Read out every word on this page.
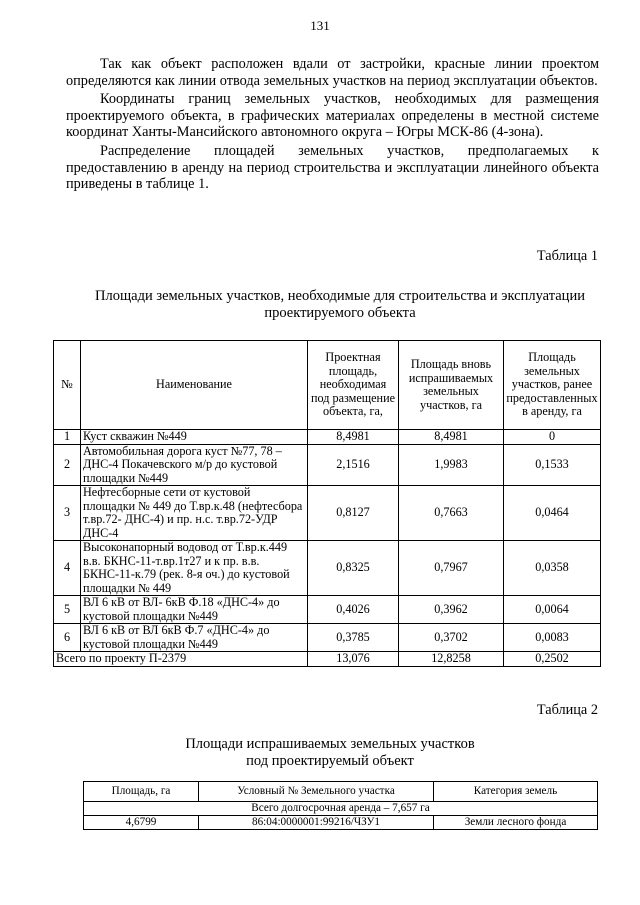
131

Так как объект расположен вдали от застройки, красные линии проектом определяются как линии отвода земельных участков на период эксплуатации объектов.

Координаты границ земельных участков, необходимых для размещения проектируемого объекта, в графических материалах определены в местной системе координат Ханты-Мансийского автономного округа – Югры МСК-86 (4-зона).

Распределение площадей земельных участков, предполагаемых к предоставлению в аренду на период строительства и эксплуатации линейного объекта приведены в таблице 1.

Таблица 1
Площади земельных участков, необходимые для строительства и эксплуатации проектируемого объекта
№	Наименование	Проектная площадь, необходимая под размещение объекта, га,	Площадь вновь испрашиваемых земельных участков, га	Площадь земельных участков, ранее предоставленных в аренду, га
1	Куст скважин №449	8,4981	8,4981	0
2	Автомобильная дорога куст №77, 78 – ДНС-4 Покачевского м/р до кустовой площадки №449	2,1516	1,9983	0,1533
3	Нефтесборные сети от кустовой площадки № 449 до Т.вр.к.48 (нефтесбора т.вр.72- ДНС-4) и пр. н.с. т.вр.72-УДР ДНС-4	0,8127	0,7663	0,0464
4	Высоконапорный водовод от Т.вр.к.449 в.в. БКНС-11-т.вр.1т27 и к пр. в.в. БКНС-11-к.79 (рек. 8-я оч.) до кустовой площадки № 449	0,8325	0,7967	0,0358
5	ВЛ 6 кВ от ВЛ- 6кВ Ф.18 «ДНС-4» до кустовой площадки №449	0,4026	0,3962	0,0064
6	ВЛ 6 кВ от ВЛ 6кВ Ф.7 «ДНС-4» до кустовой площадки №449	0,3785	0,3702	0,0083
Всего по проекту П-2379		13,076	12,8258	0,2502
Таблица 2
Площади испрашиваемых земельных участков
под проектируемый объект
Площадь, га	Условный № Земельного участка	Категория земель
Всего долгосрочная аренда – 7,657 га		
4,6799	86:04:0000001:99216/ЧЗУ1	Земли лесного фонда
